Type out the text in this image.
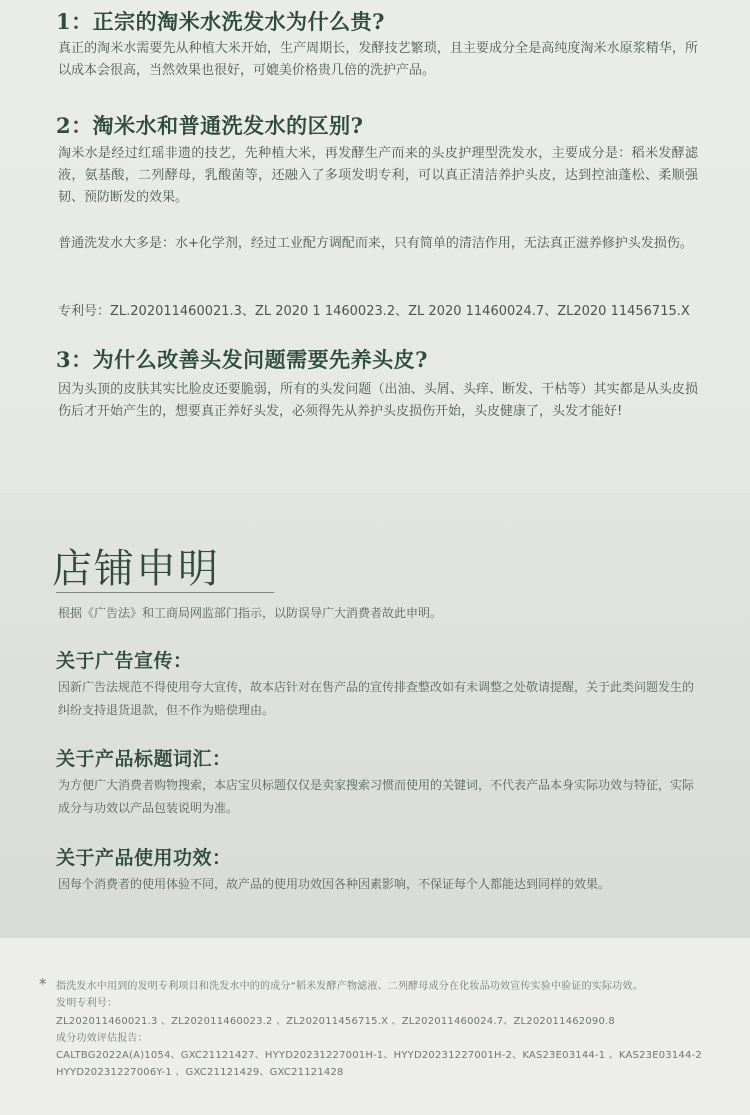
1：正宗的淘米水洗发水为什么贵?
真正的淘米水需要先从种植大米开始，生产周期长，发酵技艺繁琐，且主要成分全是高纯度淘米水原浆精华，所以成本会很高，当然效果也很好，可媲美价格贵几倍的洗护产品。
2：淘米水和普通洗发水的区别?
淘米水是经过红瑶非遗的技艺，先种植大米，再发酵生产而来的头皮护理型洗发水，主要成分是：稻米发酵滤液，氨基酸，二列酵母，乳酸菌等，还融入了多项发明专利，可以真正清洁养护头皮，达到控油蓬松、柔顺强韧、预防断发的效果。
普通洗发水大多是：水+化学剂，经过工业配方调配而来，只有简单的清洁作用，无法真正滋养修护头发损伤。
专利号：ZL.202011460021.3、ZL 2020 1 1460023.2、ZL 2020 11460024.7、ZL2020 11456715.X
3：为什么改善头发问题需要先养头皮?
因为头顶的皮肤其实比脸皮还要脆弱，所有的头发问题（出油、头屑、头痒、断发、干枯等）其实都是从头皮损伤后才开始产生的，想要真正养好头发，必须得先从养护头皮损伤开始，头皮健康了，头发才能好!
店铺申明
根据《广告法》和工商局网监部门指示，以防误导广大消费者故此申明。
关于广告宣传：
因新广告法规范不得使用夸大宣传，故本店针对在售产品的宣传排查整改如有未调整之处敬请提醒，关于此类问题发生的纠纷支持退货退款，但不作为赔偿理由。
关于产品标题词汇：
为方便广大消费者购物搜索，本店宝贝标题仅仅是卖家搜索习惯而使用的关键词，不代表产品本身实际功效与特征，实际成分与功效以产品包装说明为准。
关于产品使用功效：
因每个消费者的使用体验不同，故产品的使用功效因各种因素影响，不保证每个人都能达到同样的效果。
* 指洗发水中用到的发明专利项目和洗发水中的的成分“稻米发酵产物滤液、二列酵母成分在化妆品功效宣传实验中验证的实际功效。
发明专利号：
ZL202011460021.3 、ZL202011460023.2 、ZL202011456715.X 、ZL202011460024.7、ZL202011462090.8
成分功效评估报告：
CALTBG2022A(A)1054、GXC21121427、HYYD20231227001H-1、HYYD20231227001H-2、KAS23E03144-1 、KAS23E03144-2
HYYD20231227006Y-1 、GXC21121429、GXC21121428
